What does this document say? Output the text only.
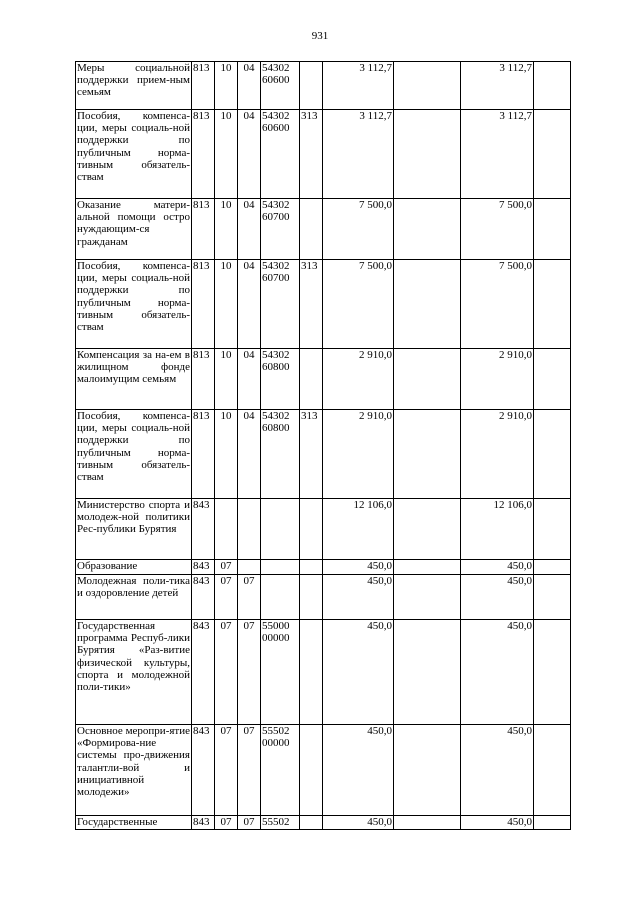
931
Меры социальной поддержки прием-ным семьям	813	10	04	54302 60600		3 112,7		3 112,7	
Пособия, компенса-ции, меры социаль-ной поддержки по публичным норма-тивным обязатель-ствам	813	10	04	54302 60600	313	3 112,7		3 112,7	
Оказание матери-альной помощи остро нуждающим-ся гражданам	813	10	04	54302 60700		7 500,0		7 500,0	
Пособия, компенса-ции, меры социаль-ной поддержки по публичным норма-тивным обязатель-ствам	813	10	04	54302 60700	313	7 500,0		7 500,0	
Компенсация за на-ем в жилищном фонде малоимущим семьям	813	10	04	54302 60800		2 910,0		2 910,0	
Пособия, компенса-ции, меры социаль-ной поддержки по публичным норма-тивным обязатель-ствам	813	10	04	54302 60800	313	2 910,0		2 910,0	
Министерство спорта и молодеж-ной политики Рес-публики Бурятия	843					12 106,0		12 106,0	
Образование	843	07				450,0		450,0	
Молодежная поли-тика и оздоровление детей	843	07	07			450,0		450,0	
Государственная программа Респуб-лики Бурятия «Раз-витие физической культуры, спорта и молодежной поли-тики»	843	07	07	55000 00000		450,0		450,0	
Основное меропри-ятие «Формирова-ние системы про-движения талантли-вой и инициативной молодежи»	843	07	07	55502 00000		450,0		450,0	
Государственные	843	07	07	55502		450,0		450,0	
